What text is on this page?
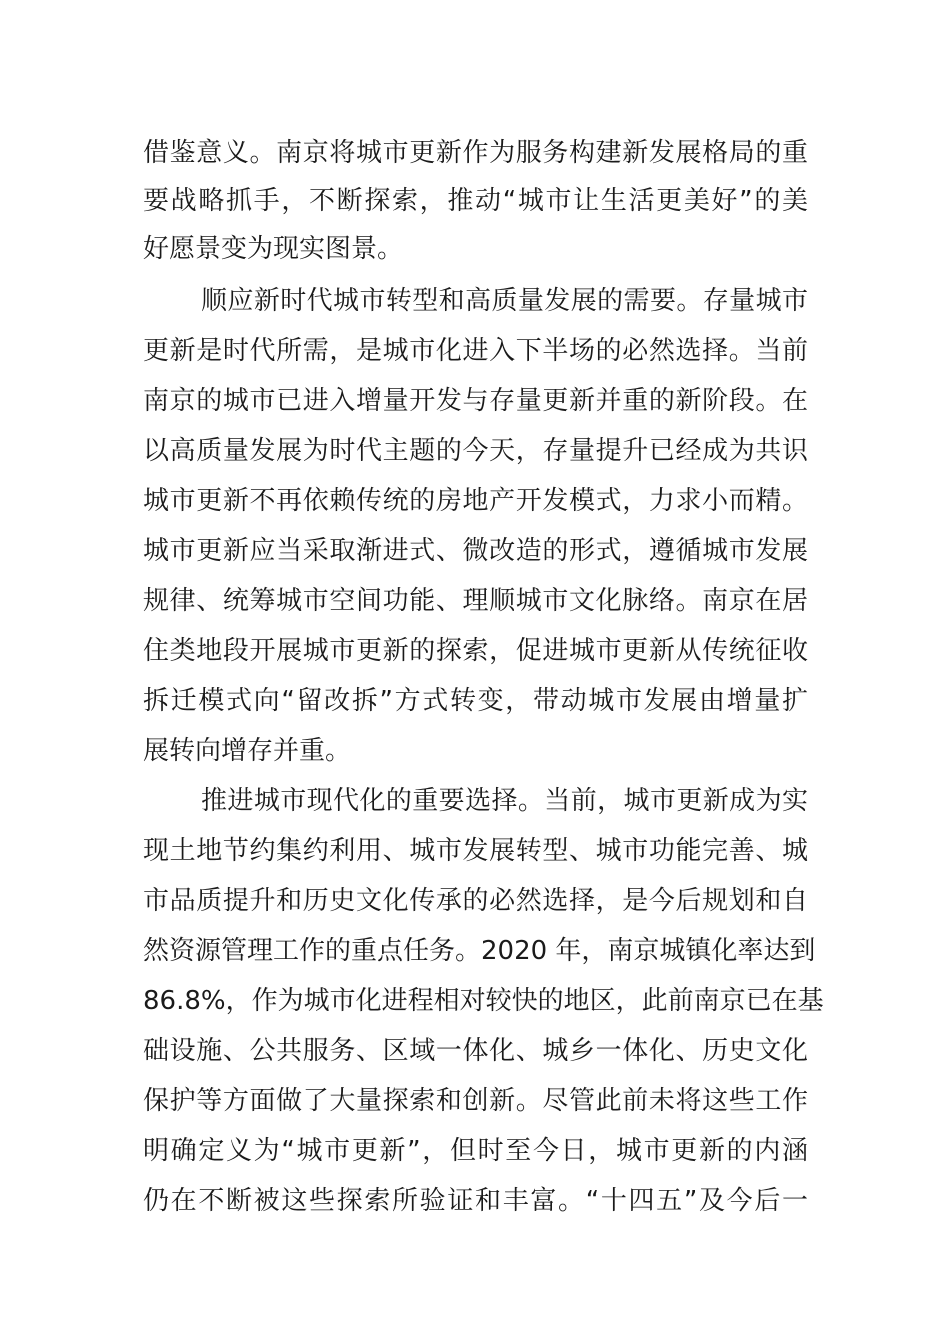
借鉴意义。南京将城市更新作为服务构建新发展格局的重
要战略抓手，不断探索，推动“城市让生活更美好”的美
好愿景变为现实图景。
顺应新时代城市转型和高质量发展的需要。存量城市
更新是时代所需，是城市化进入下半场的必然选择。当前
南京的城市已进入增量开发与存量更新并重的新阶段。在
以高质量发展为时代主题的今天，存量提升已经成为共识
城市更新不再依赖传统的房地产开发模式，力求小而精。
城市更新应当采取渐进式、微改造的形式，遵循城市发展
规律、统筹城市空间功能、理顺城市文化脉络。南京在居
住类地段开展城市更新的探索，促进城市更新从传统征收
拆迁模式向“留改拆”方式转变，带动城市发展由增量扩
展转向增存并重。
推进城市现代化的重要选择。当前，城市更新成为实
现土地节约集约利用、城市发展转型、城市功能完善、城
市品质提升和历史文化传承的必然选择，是今后规划和自
然资源管理工作的重点任务。2020 年，南京城镇化率达到
86.8%，作为城市化进程相对较快的地区，此前南京已在基
础设施、公共服务、区域一体化、城乡一体化、历史文化
保护等方面做了大量探索和创新。尽管此前未将这些工作
明确定义为“城市更新”，但时至今日，城市更新的内涵
仍在不断被这些探索所验证和丰富。“十四五”及今后一
